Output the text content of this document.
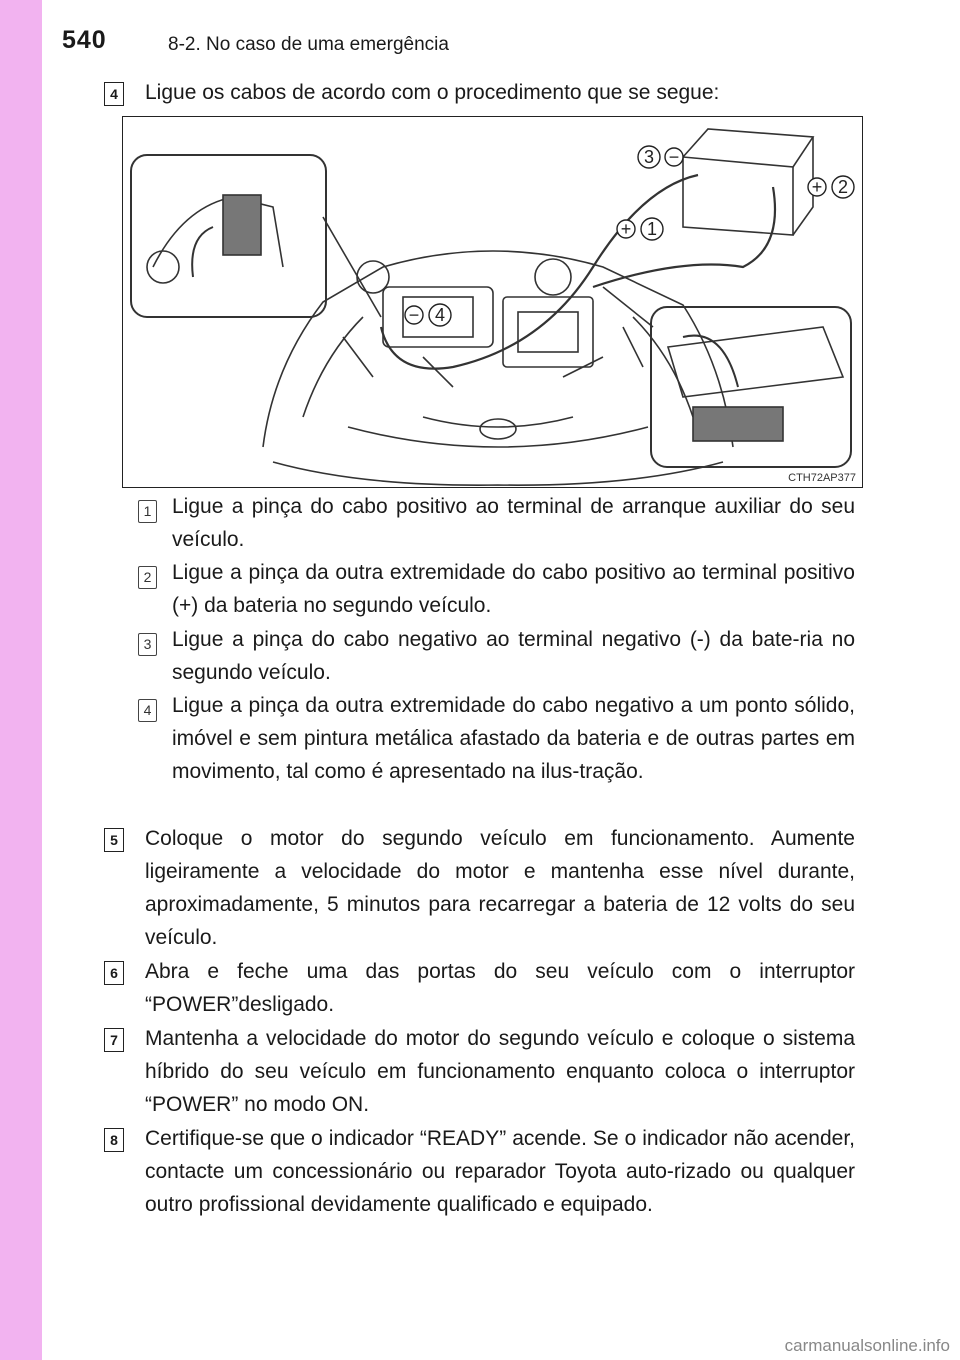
540	8-2. No caso de uma emergência
4 Ligue os cabos de acordo com o procedimento que se segue:
3 −
+ 2
+ 1
− 4
CTH72AP377
1 Ligue a pinça do cabo positivo ao terminal de arranque auxiliar do seu veículo.
2 Ligue a pinça da outra extremidade do cabo positivo ao terminal positivo (+) da bateria no segundo veículo.
3 Ligue a pinça do cabo negativo ao terminal negativo (-) da bate-ria no segundo veículo.
4 Ligue a pinça da outra extremidade do cabo negativo a um ponto sólido, imóvel e sem pintura metálica afastado da bateria e de outras partes em movimento, tal como é apresentado na ilus-tração.
5 Coloque o motor do segundo veículo em funcionamento. Aumente ligeiramente a velocidade do motor e mantenha esse nível durante, aproximadamente, 5 minutos para recarregar a bateria de 12 volts do seu veículo.
6 Abra e feche uma das portas do seu veículo com o interruptor “POWER”desligado.
7 Mantenha a velocidade do motor do segundo veículo e coloque o sistema híbrido do seu veículo em funcionamento enquanto coloca o interruptor “POWER” no modo ON.
8 Certifique-se que o indicador “READY” acende. Se o indicador não acender, contacte um concessionário ou reparador Toyota auto-rizado ou qualquer outro profissional devidamente qualificado e equipado.
carmanualsonline.info
